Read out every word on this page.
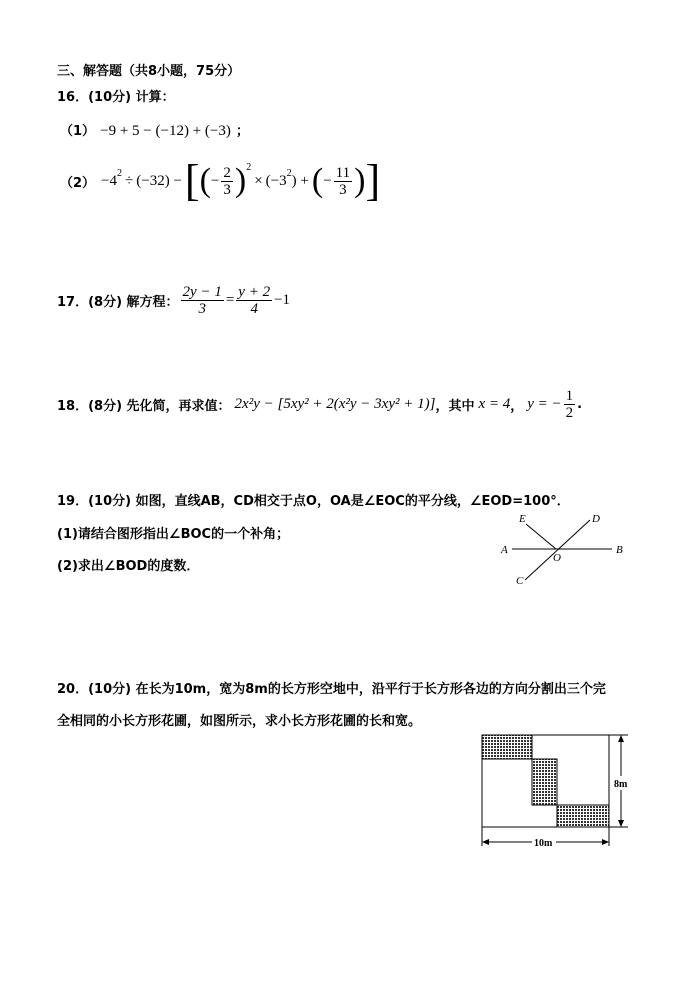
三、解答题（共8小题，75分）
16．(10分) 计算：
（1） −9 + 5 − (−12) + (−3) ；
$(2) -4^2 \div (-32)$ − [ ( − $\frac{2}{3} )^2$
× ($-3^2$ ) + ( − $\frac{11}{3}$ ) ]
17．(8分) 解方程： $\frac{2y - 1}{3} = \frac{y + 2}{4} -1$
18．(8分) 先化简，再求值： 2x²y − [5xy² + 2(x²y − 3xy² + 1)] ，其中 x = 4 ， y = − $\frac{1}{2}$ .
19．(10分) 如图，直线AB，CD相交于点O，OA是∠EOC的平分线，∠EOD=100°．
(1)请结合图形指出∠BOC的一个补角；
(2)求出∠BOD的度数．
E	D
A
O
B
C
20．(10分) 在长为10m，宽为8m的长方形空地中，沿平行于长方形各边的方向分割出三个完
全相同的小长方形花圃，如图所示，求小长方形花圃的长和宽。
8m
10m
